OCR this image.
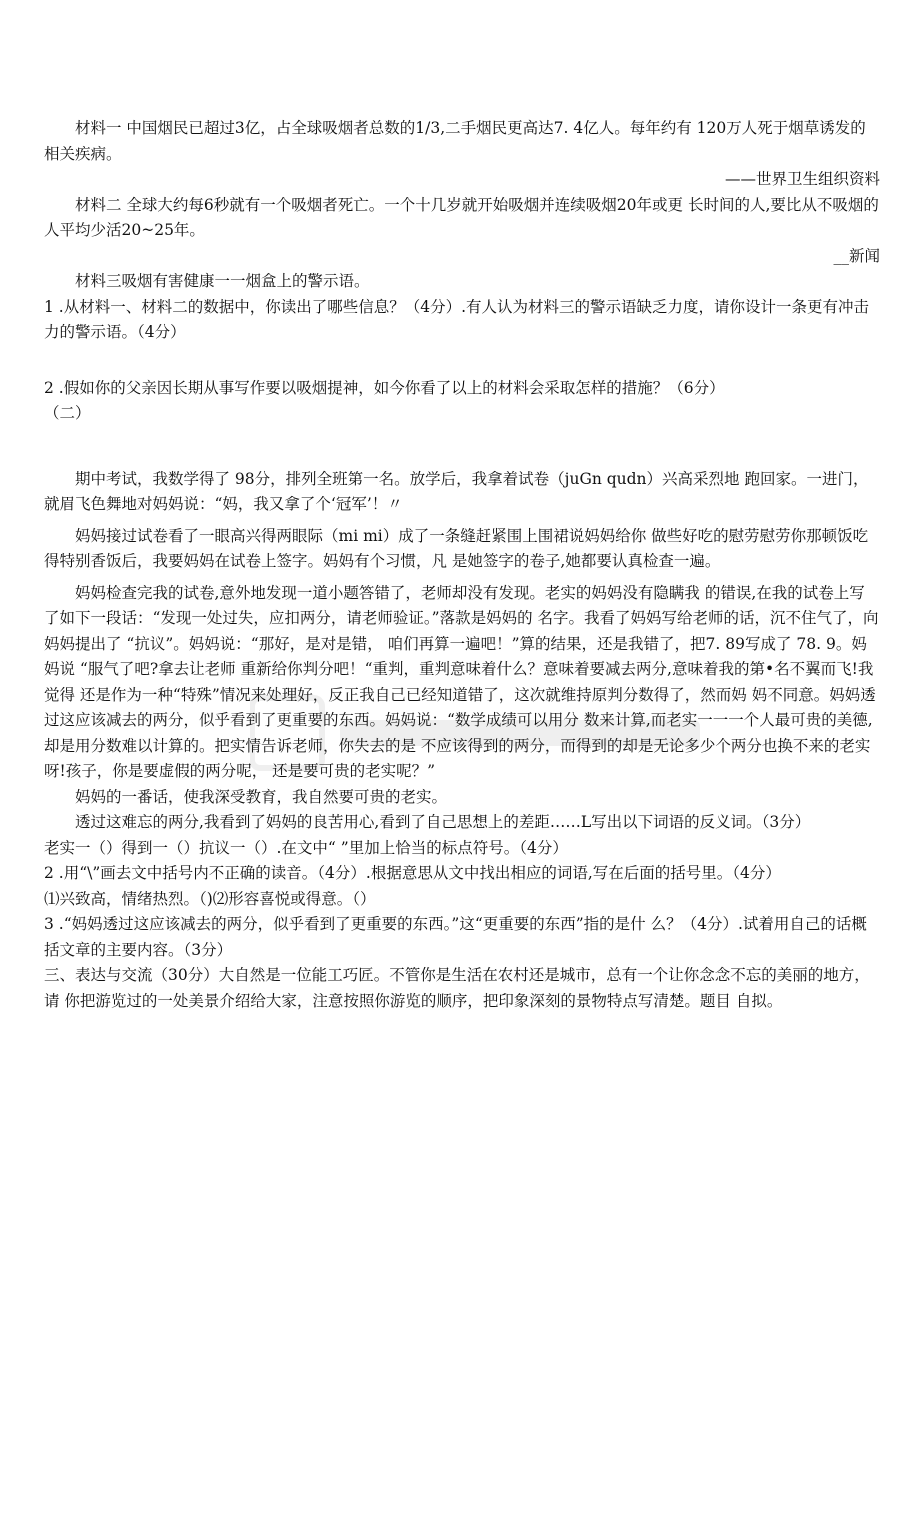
材料一 中国烟民已超过3亿，占全球吸烟者总数的1/3,二手烟民更高达7. 4亿人。每年约有 120万人死于烟草诱发的相关疾病。

——世界卫生组织资料

材料二 全球大约每6秒就有一个吸烟者死亡。一个十几岁就开始吸烟并连续吸烟20年或更 长时间的人,要比从不吸烟的人平均少活20~25年。

__新闻

材料三吸烟有害健康一一烟盒上的警示语。

1 .从材料一、材料二的数据中，你读出了哪些信息？（4分）.有人认为材料三的警示语缺乏力度，请你设计一条更有冲击力的警示语。（4分）

2 .假如你的父亲因长期从事写作要以吸烟提神，如今你看了以上的材料会采取怎样的措施？（6分）

（二）

期中考试，我数学得了 98分，排列全班第一名。放学后，我拿着试卷（juGn qudn）兴高采烈地 跑回家。一进门，就眉飞色舞地对妈妈说：“妈，我又拿了个‘冠军’！〃

妈妈接过试卷看了一眼高兴得两眼际（mi mi）成了一条缝赶紧围上围裙说妈妈给你 做些好吃的慰劳慰劳你那顿饭吃得特别香饭后，我要妈妈在试卷上签字。妈妈有个习惯，凡 是她签字的卷子,她都要认真检查一遍。

妈妈检查完我的试卷,意外地发现一道小题答错了，老师却没有发现。老实的妈妈没有隐瞒我 的错误,在我的试卷上写了如下一段话：“发现一处过失，应扣两分，请老师验证。”落款是妈妈的 名字。我看了妈妈写给老师的话，沉不住气了，向妈妈提出了 “抗议”。妈妈说：“那好，是对是错， 咱们再算一遍吧！”算的结果，还是我错了，把7. 89写成了 78. 9。妈妈说 “服气了吧?拿去让老师 重新给你判分吧！“重判，重判意味着什么？意味着要减去两分,意味着我的第•名不翼而飞!我觉得 还是作为一种“特殊”情况来处理好，反正我自己已经知道错了，这次就维持原判分数得了，然而妈 妈不同意。妈妈透过这应该减去的两分，似乎看到了更重要的东西。妈妈说：“数学成绩可以用分 数来计算,而老实一一一个人最可贵的美德,却是用分数难以计算的。把实情告诉老师，你失去的是 不应该得到的两分，而得到的却是无论多少个两分也换不来的老实呀!孩子，你是要虚假的两分呢， 还是要可贵的老实呢？”

妈妈的一番话，使我深受教育，我自然要可贵的老实。

透过这难忘的两分,我看到了妈妈的良苦用心,看到了自己思想上的差距……L写出以下词语的反义词。（3分）

老实一（）得到一（）抗议一（）.在文中“ ”里加上恰当的标点符号。（4分）

2 .用“\”画去文中括号内不正确的读音。（4分）.根据意思从文中找出相应的词语,写在后面的括号里。（4分）

⑴兴致高，情绪热烈。（)⑵形容喜悦或得意。（）

3 .“妈妈透过这应该减去的两分，似乎看到了更重要的东西。”这“更重要的东西”指的是什 么？（4分）.试着用自己的话概括文章的主要内容。（3分）

三、表达与交流（30分）大自然是一位能工巧匠。不管你是生活在农村还是城市，总有一个让你念念不忘的美丽的地方，请 你把游览过的一处美景介绍给大家，注意按照你游览的顺序，把印象深刻的景物特点写清楚。题目 自拟。
